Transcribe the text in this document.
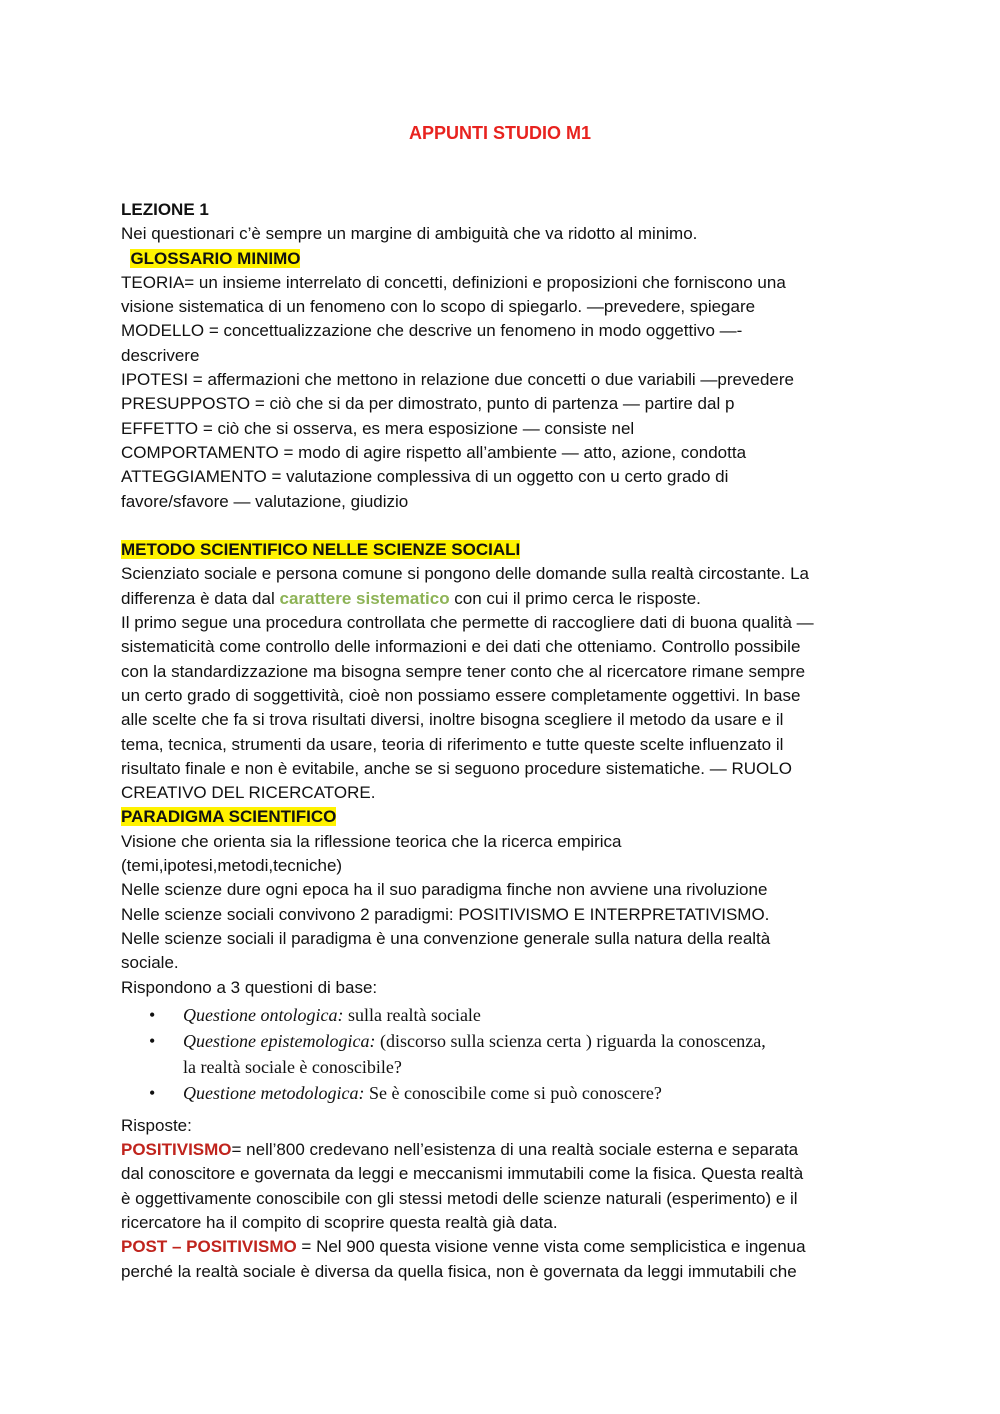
APPUNTI STUDIO M1
LEZIONE 1
Nei questionari c’è sempre un margine di ambiguità che va ridotto al minimo.
GLOSSARIO MINIMO
TEORIA= un insieme interrelato di concetti, definizioni e proposizioni che forniscono una
visione sistematica di un fenomeno con lo scopo di spiegarlo. —prevedere, spiegare
MODELLO = concettualizzazione che descrive un fenomeno in modo oggettivo —-
descrivere
IPOTESI = affermazioni che mettono in relazione due concetti o due variabili —prevedere
PRESUPPOSTO = ciò che si da per dimostrato, punto di partenza — partire dal p
EFFETTO = ciò che si osserva, es mera esposizione — consiste nel
COMPORTAMENTO = modo di agire rispetto all’ambiente — atto, azione, condotta
ATTEGGIAMENTO = valutazione complessiva di un oggetto con u certo grado di
favore/sfavore — valutazione, giudizio
METODO SCIENTIFICO NELLE SCIENZE SOCIALI
Scienziato sociale e persona comune si pongono delle domande sulla realtà circostante. La
differenza è data dal carattere sistematico con cui il primo cerca le risposte.
Il primo segue una procedura controllata che permette di raccogliere dati di buona qualità —
sistematicità come controllo delle informazioni e dei dati che otteniamo. Controllo possibile
con la standardizzazione ma bisogna sempre tener conto che al ricercatore rimane sempre
un certo grado di soggettività, cioè non possiamo essere completamente oggettivi. In base
alle scelte che fa si trova risultati diversi, inoltre bisogna scegliere il metodo da usare e il
tema, tecnica, strumenti da usare, teoria di riferimento e tutte queste scelte influenzato il
risultato finale e non è evitabile, anche se si seguono procedure sistematiche. — RUOLO
CREATIVO DEL RICERCATORE.
PARADIGMA SCIENTIFICO
Visione che orienta sia la riflessione teorica che la ricerca empirica
(temi,ipotesi,metodi,tecniche)
Nelle scienze dure ogni epoca ha il suo paradigma finche non avviene una rivoluzione
Nelle scienze sociali convivono 2 paradigmi: POSITIVISMO E INTERPRETATIVISMO.
Nelle scienze sociali il paradigma è una convenzione generale sulla natura della realtà
sociale.
Rispondono a 3 questioni di base:
• Questione ontologica: sulla realtà sociale
• Questione epistemologica: (discorso sulla scienza certa ) riguarda la conoscenza,
la realtà sociale è conoscibile?
• Questione metodologica: Se è conoscibile come si può conoscere?
Risposte:
POSITIVISMO= nell’800 credevano nell’esistenza di una realtà sociale esterna e separata
dal conoscitore e governata da leggi e meccanismi immutabili come la fisica. Questa realtà
è oggettivamente conoscibile con gli stessi metodi delle scienze naturali (esperimento) e il
ricercatore ha il compito di scoprire questa realtà già data.
POST – POSITIVISMO = Nel 900 questa visione venne vista come semplicistica e ingenua
perché la realtà sociale è diversa da quella fisica, non è governata da leggi immutabili che
